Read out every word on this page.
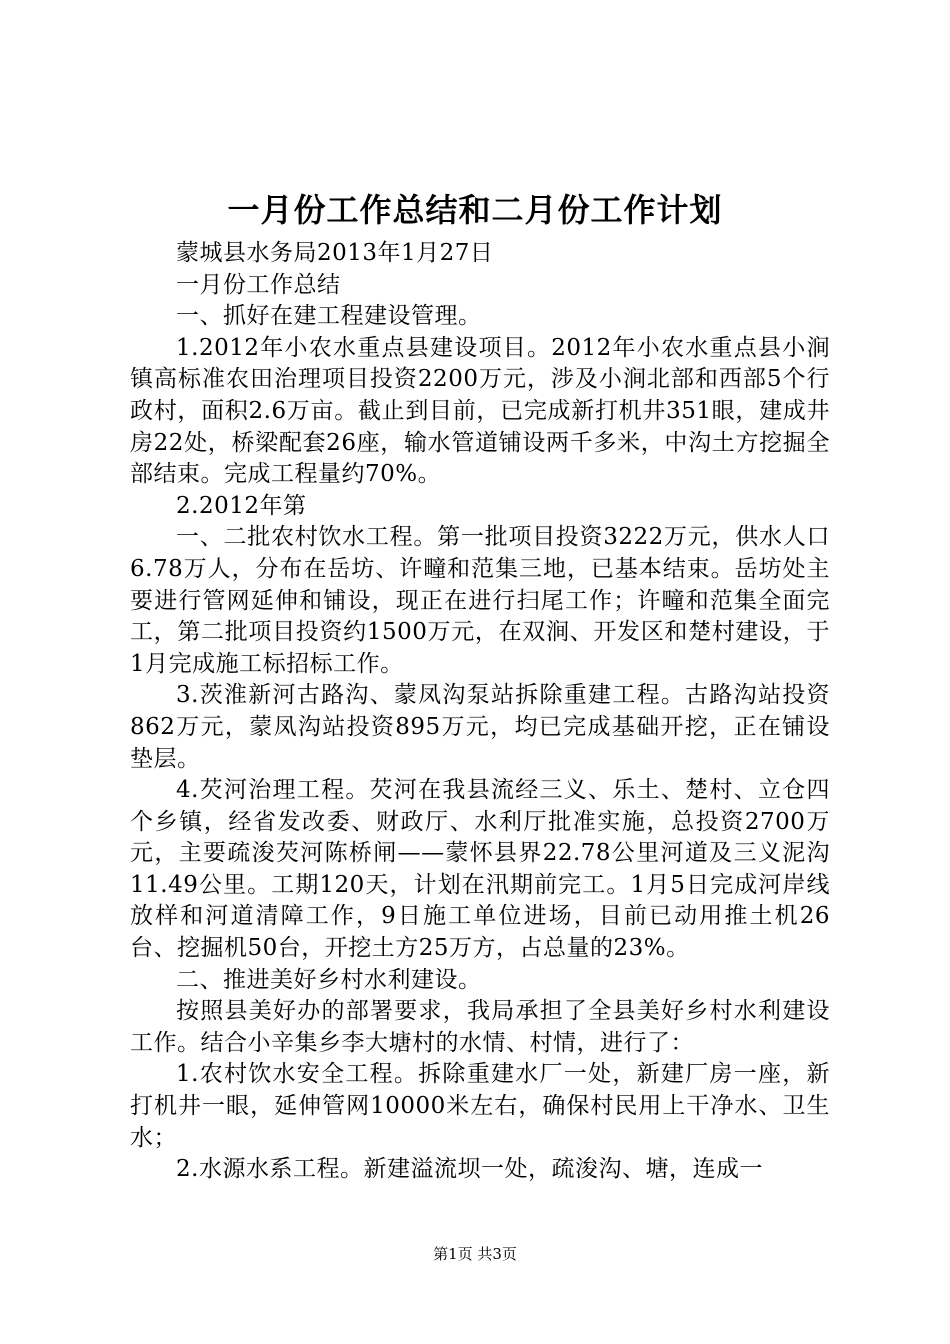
一月份工作总结和二月份工作计划

蒙城县水务局2013年1月27日

一月份工作总结

一、抓好在建工程建设管理。

1.2012年小农水重点县建设项目。2012年小农水重点县小涧镇高标准农田治理项目投资2200万元，涉及小涧北部和西部5个行政村，面积2.6万亩。截止到目前，已完成新打机井351眼，建成井房22处，桥梁配套26座，输水管道铺设两千多米，中沟土方挖掘全部结束。完成工程量约70%。

2.2012年第

一、二批农村饮水工程。第一批项目投资3222万元，供水人口6.78万人，分布在岳坊、许疃和范集三地，已基本结束。岳坊处主要进行管网延伸和铺设，现正在进行扫尾工作；许疃和范集全面完工，第二批项目投资约1500万元，在双涧、开发区和楚村建设，于1月完成施工标招标工作。

3.茨淮新河古路沟、蒙凤沟泵站拆除重建工程。古路沟站投资862万元，蒙凤沟站投资895万元，均已完成基础开挖，正在铺设垫层。

4.芡河治理工程。芡河在我县流经三义、乐土、楚村、立仓四个乡镇，经省发改委、财政厅、水利厅批准实施，总投资2700万元，主要疏浚芡河陈桥闸——蒙怀县界22.78公里河道及三义泥沟11.49公里。工期120天，计划在汛期前完工。1月5日完成河岸线放样和河道清障工作，9日施工单位进场，目前已动用推土机26台、挖掘机50台，开挖土方25万方，占总量的23%。

二、推进美好乡村水利建设。

按照县美好办的部署要求，我局承担了全县美好乡村水利建设工作。结合小辛集乡李大塘村的水情、村情，进行了：

1.农村饮水安全工程。拆除重建水厂一处，新建厂房一座，新打机井一眼，延伸管网10000米左右，确保村民用上干净水、卫生水；

2.水源水系工程。新建溢流坝一处，疏浚沟、塘，连成一

第1页 共3页
